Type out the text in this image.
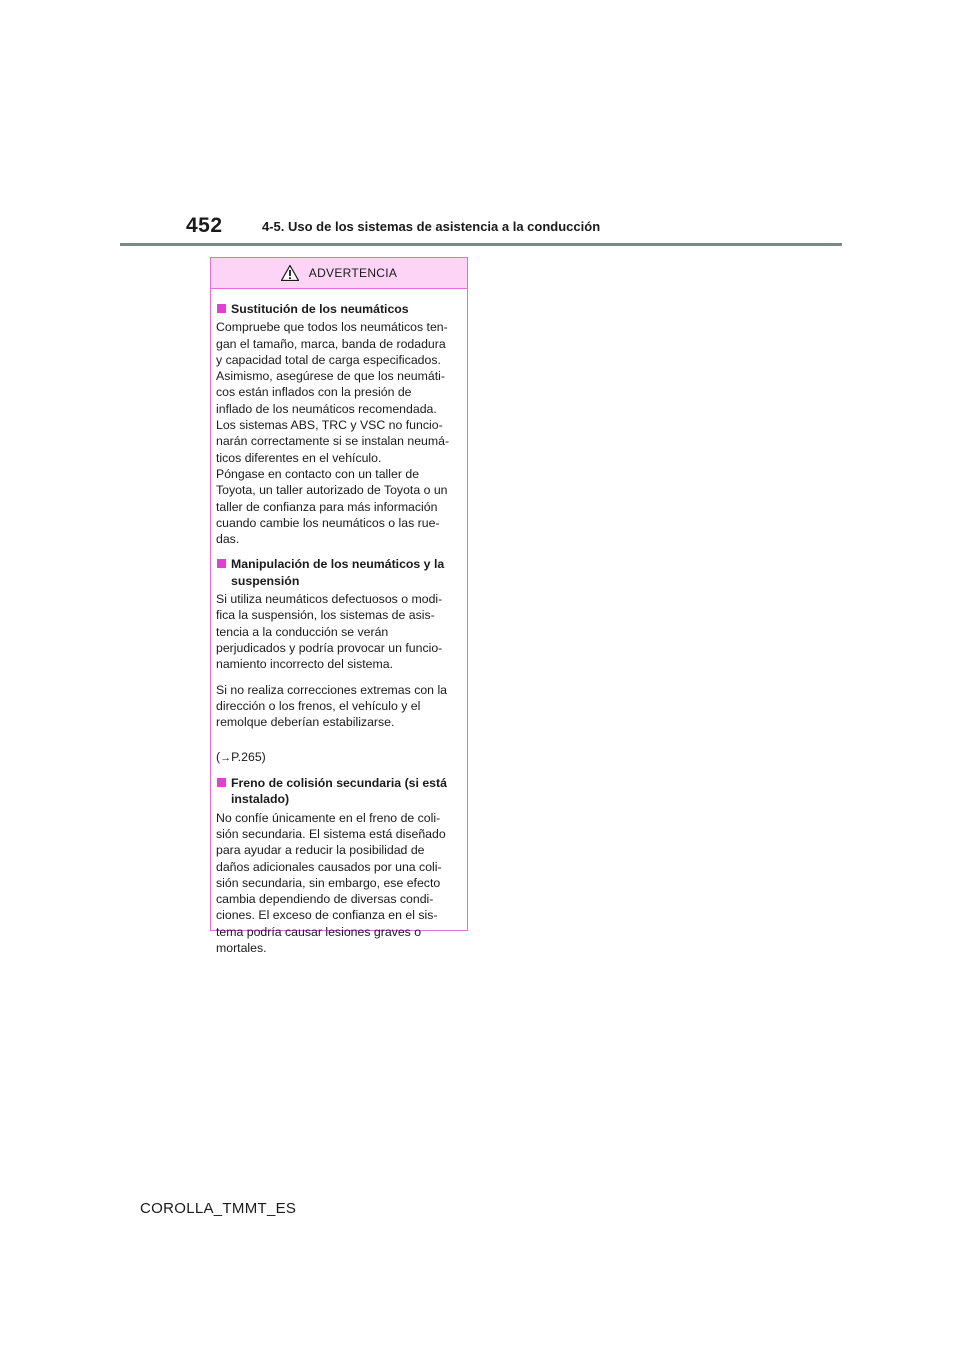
452	4-5. Uso de los sistemas de asistencia a la conducción
ADVERTENCIA
Sustitución de los neumáticos
Compruebe que todos los neumáticos ten-
gan el tamaño, marca, banda de rodadura
y capacidad total de carga especificados.
Asimismo, asegúrese de que los neumáti-
cos están inflados con la presión de
inflado de los neumáticos recomendada.
Los sistemas ABS, TRC y VSC no funcio-
narán correctamente si se instalan neumá-
ticos diferentes en el vehículo.
Póngase en contacto con un taller de
Toyota, un taller autorizado de Toyota o un
taller de confianza para más información
cuando cambie los neumáticos o las rue-
das.
Manipulación de los neumáticos y la
suspensión
Si utiliza neumáticos defectuosos o modi-
fica la suspensión, los sistemas de asis-
tencia a la conducción se verán
perjudicados y podría provocar un funcio-
namiento incorrecto del sistema.
Si no realiza correcciones extremas con la
dirección o los frenos, el vehículo y el
remolque deberían estabilizarse.

(→P.265)

Freno de colisión secundaria (si está
instalado)
No confíe únicamente en el freno de coli-
sión secundaria. El sistema está diseñado
para ayudar a reducir la posibilidad de
daños adicionales causados por una coli-
sión secundaria, sin embargo, ese efecto
cambia dependiendo de diversas condi-
ciones. El exceso de confianza en el sis-
tema podría causar lesiones graves o
mortales.
COROLLA_TMMT_ES
